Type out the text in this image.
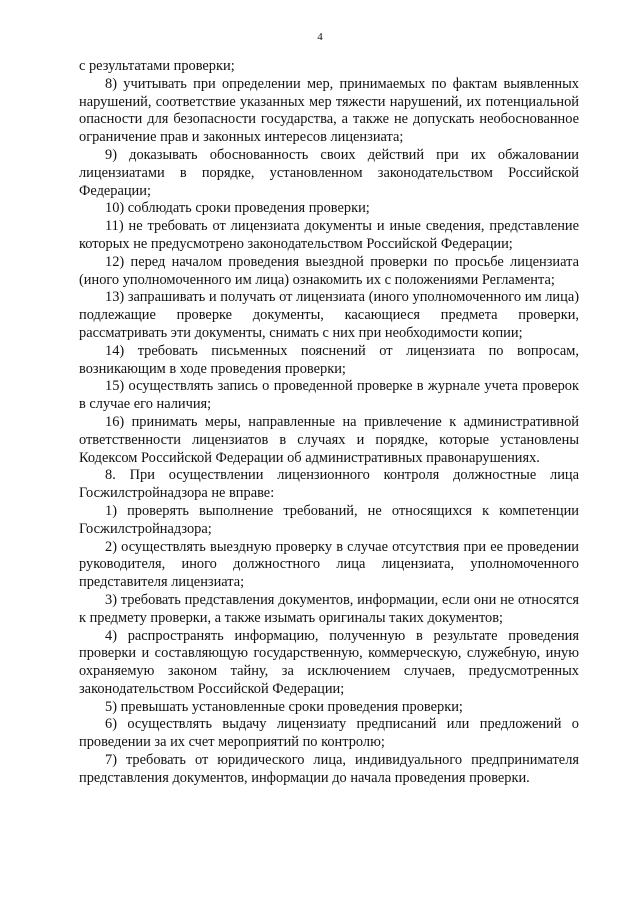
4

с результатами проверки;

8) учитывать при определении мер, принимаемых по фактам выявленных нарушений, соответствие указанных мер тяжести нарушений, их потенциальной опасности для безопасности государства, а также не допускать необоснованное ограничение прав и законных интересов лицензиата;

9) доказывать обоснованность своих действий при их обжаловании лицензиатами в порядке, установленном законодательством Российской Федерации;

10) соблюдать сроки проведения проверки;

11) не требовать от лицензиата документы и иные сведения, представление которых не предусмотрено законодательством Российской Федерации;

12) перед началом проведения выездной проверки по просьбе лицензиата (иного уполномоченного им лица) ознакомить их с положениями Регламента;

13) запрашивать и получать от лицензиата (иного уполномоченного им лица) подлежащие проверке документы, касающиеся предмета проверки, рассматривать эти документы, снимать с них при необходимости копии;

14) требовать письменных пояснений от лицензиата по вопросам, возникающим в ходе проведения проверки;

15) осуществлять запись о проведенной проверке в журнале учета проверок в случае его наличия;

16) принимать меры, направленные на привлечение к административной ответственности лицензиатов в случаях и порядке, которые установлены Кодексом Российской Федерации об административных правонарушениях.

8. При осуществлении лицензионного контроля должностные лица Госжилстройнадзора не вправе:

1) проверять выполнение требований, не относящихся к компетенции Госжилстройнадзора;

2) осуществлять выездную проверку в случае отсутствия при ее проведении руководителя, иного должностного лица лицензиата, уполномоченного представителя лицензиата;

3) требовать представления документов, информации, если они не относятся к предмету проверки, а также изымать оригиналы таких документов;

4) распространять информацию, полученную в результате проведения проверки и составляющую государственную, коммерческую, служебную, иную охраняемую законом тайну, за исключением случаев, предусмотренных законодательством Российской Федерации;

5) превышать установленные сроки проведения проверки;

6) осуществлять выдачу лицензиату предписаний или предложений о проведении за их счет мероприятий по контролю;

7) требовать от юридического лица, индивидуального предпринимателя представления документов, информации до начала проведения проверки.
